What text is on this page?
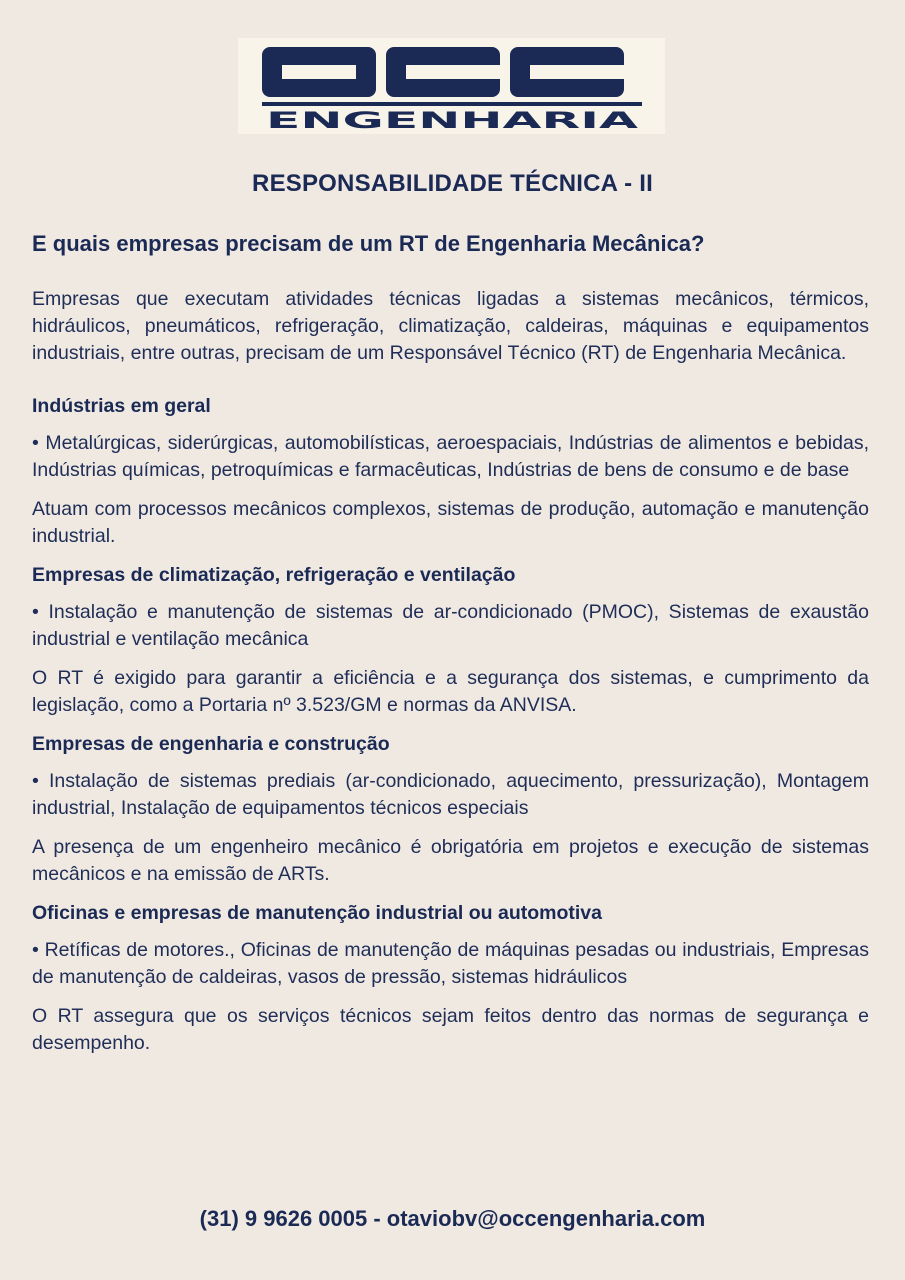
ENGENHARIA
RESPONSABILIDADE TÉCNICA - II

E quais empresas precisam de um RT de Engenharia Mecânica?

Empresas que executam atividades técnicas ligadas a sistemas mecânicos, térmicos, hidráulicos, pneumáticos, refrigeração, climatização, caldeiras, máquinas e equipamentos industriais, entre outras, precisam de um Responsável Técnico (RT) de Engenharia Mecânica.

Indústrias em geral

• Metalúrgicas, siderúrgicas, automobilísticas, aeroespaciais, Indústrias de alimentos e bebidas, Indústrias químicas, petroquímicas e farmacêuticas, Indústrias de bens de consumo e de base

Atuam com processos mecânicos complexos, sistemas de produção, automação e manutenção industrial.

Empresas de climatização, refrigeração e ventilação

• Instalação e manutenção de sistemas de ar-condicionado (PMOC), Sistemas de exaustão industrial e ventilação mecânica

O RT é exigido para garantir a eficiência e a segurança dos sistemas, e cumprimento da legislação, como a Portaria nº 3.523/GM e normas da ANVISA.

Empresas de engenharia e construção

• Instalação de sistemas prediais (ar-condicionado, aquecimento, pressurização), Montagem industrial, Instalação de equipamentos técnicos especiais

A presença de um engenheiro mecânico é obrigatória em projetos e execução de sistemas mecânicos e na emissão de ARTs.

Oficinas e empresas de manutenção industrial ou automotiva

• Retíficas de motores., Oficinas de manutenção de máquinas pesadas ou industriais, Empresas de manutenção de caldeiras, vasos de pressão, sistemas hidráulicos

O RT assegura que os serviços técnicos sejam feitos dentro das normas de segurança e desempenho.

(31) 9 9626 0005 - otaviobv@occengenharia.com
